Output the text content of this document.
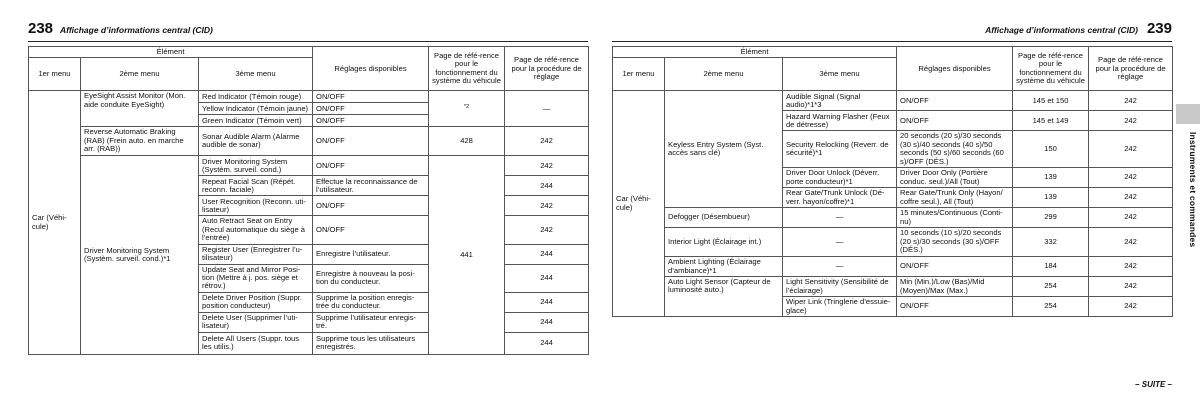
238 Affichage d’informations central (CID)
Élément			Réglages disponibles	Page de réfé-rence pour le fonctionnement du système du véhicule	Page de réfé-rence pour la procédure de réglage
1er menu	2ème menu	3ème menu			
Car (Véhi-cule)	EyeSight Assist Monitor (Mon. aide conduite EyeSight)	Red Indicator (Témoin rouge)	ON/OFF	$^{*2}$	—
		Yellow Indicator (Témoin jaune)	ON/OFF		
		Green Indicator (Témoin vert)	ON/OFF		
	Reverse Automatic Braking (RAB) (Frein auto. en marche arr. (RAB))	Sonar Audible Alarm (Alarme audible de sonar)	ON/OFF	428	242
	Driver Monitoring System (Systèm. surveil. cond.)*1	Driver Monitoring System (Systèm. surveil. cond.)	ON/OFF	441	242
		Repeat Facial Scan (Répét. reconn. faciale)	Effectue la reconnaissance de l’utilisateur.		244
		User Recognition (Reconn. uti-lisateur)	ON/OFF		242
		Auto Retract Seat on Entry (Recul automatique du siège à l’entrée)	ON/OFF		242
		Register User (Enregistrer l’u-tilisateur)	Enregistre l’utilisateur.		244
		Update Seat and Mirror Posi-tion (Mettre à j. pos. siège et rétrov.)	Enregistre à nouveau la posi-tion du conducteur.		244
		Delete Driver Position (Suppr. position conducteur)	Supprime la position enregis-trée du conducteur.		244
		Delete User (Supprimer l’uti-lisateur)	Supprime l’utilisateur enregis-tré.		244
		Delete All Users (Suppr. tous les utilis.)	Supprime tous les utilisateurs enregistrés.		244
Affichage d’informations central (CID) 239
Élément			Réglages disponibles	Page de réfé-rence pour le fonctionnement du système du véhicule	Page de réfé-rence pour la procédure de réglage
1er menu	2ème menu	3ème menu			
Car (Véhi-cule)	Keyless Entry System (Syst. accès sans clé)	Audible Signal (Signal audio)*1*3	ON/OFF	145 et 150	242
		Hazard Warning Flasher (Feux de détresse)	ON/OFF	145 et 149	242
		Security Relocking (Reverr. de sécurité)*1	20 seconds (20 s)/30 seconds (30 s)/40 seconds (40 s)/50 seconds (50 s)/60 seconds (60 s)/OFF (DÉS.)	150	242
		Driver Door Unlock (Déverr. porte conducteur)*1	Driver Door Only (Portière conduc. seul.)/All (Tout)	139	242
		Rear Gate/Trunk Unlock (Dé-verr. hayon/coffre)*1	Rear Gate/Trunk Only (Hayon/ coffre seul.), All (Tout)	139	242
	Defogger (Désembueur)	—	15 minutes/Continuous (Conti-nu)	299	242
	Interior Light (Éclairage int.)	—	10 seconds (10 s)/20 seconds (20 s)/30 seconds (30 s)/OFF (DÉS.)	332	242
	Ambient Lighting (Éclairage d’ambiance)*1	—	ON/OFF	184	242
	Auto Light Sensor (Capteur de luminosité auto.)	Light Sensitivity (Sensibilité de l’éclairage)	Min (Min.)/Low (Bas)/Mid (Moyen)/Max (Max.)	254	242
		Wiper Link (Tringlerie d’essuie-glace)	ON/OFF	254	242
Instruments et commandes
– SUITE –
